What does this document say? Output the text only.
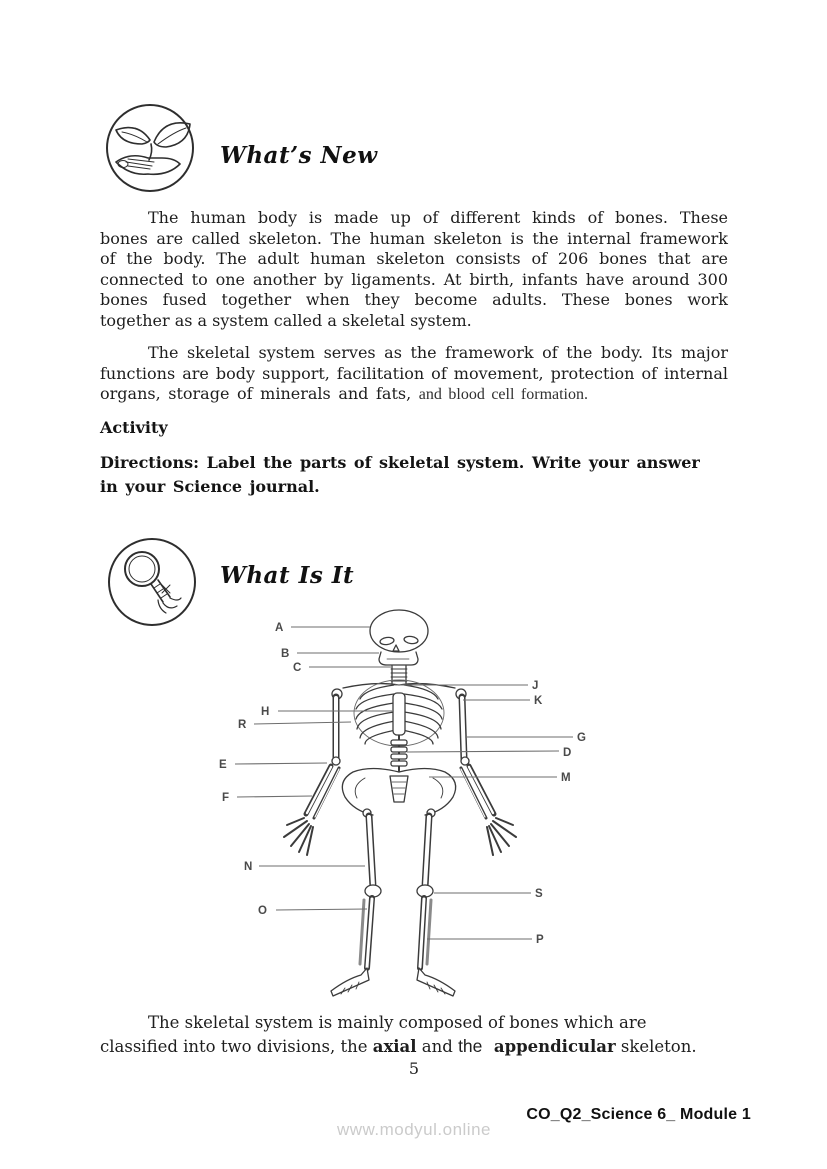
What’s New
The human body is made up of different kinds of bones. These
bones are called skeleton. The human skeleton is the internal framework
of the body. The adult human skeleton consists of 206 bones that are
connected to one another by ligaments. At birth, infants have around 300
bones fused together when they become adults. These bones work
together as a system called a skeletal system.
The skeletal system serves as the framework of the body. Its major
functions are body support, facilitation of movement, protection of internal
organs, storage of minerals and fats, and blood cell formation.
Activity
Directions: Label the parts of skeletal system. Write your answer
in your Science journal.
What Is It
A
B
C
J
K
H
R
G
D
E
M
F
N
O
S
P
The skeletal system is mainly composed of bones which are
classified into two divisions, the axial and the  appendicular skeleton.
5
CO_Q2_Science 6_ Module 1
www.modyul.online
